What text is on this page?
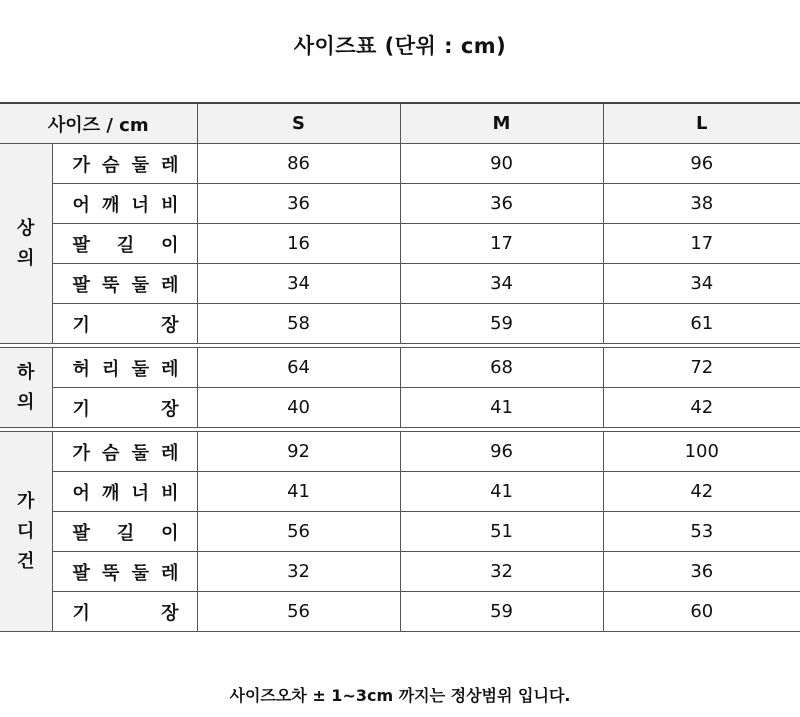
사이즈표 (단위 : cm)
사이즈 / cm		S	M	L

상
의	가 슴 둘 레	86	90	96

	어 깨 너 비	36	36	38

	팔 길 이	16	17	17

	팔 뚝 둘 레	34	34	34

	기 장	58	59	61

하
의	허 리 둘 레	64	68	72

	기 장	40	41	42

가
디
건	가 슴 둘 레	92	96	100

	어 깨 너 비	41	41	42

	팔 길 이	56	51	53

	팔 뚝 둘 레	32	32	36

	기 장	56	59	60
사이즈오차 ± 1~3cm 까지는 정상범위 입니다.
